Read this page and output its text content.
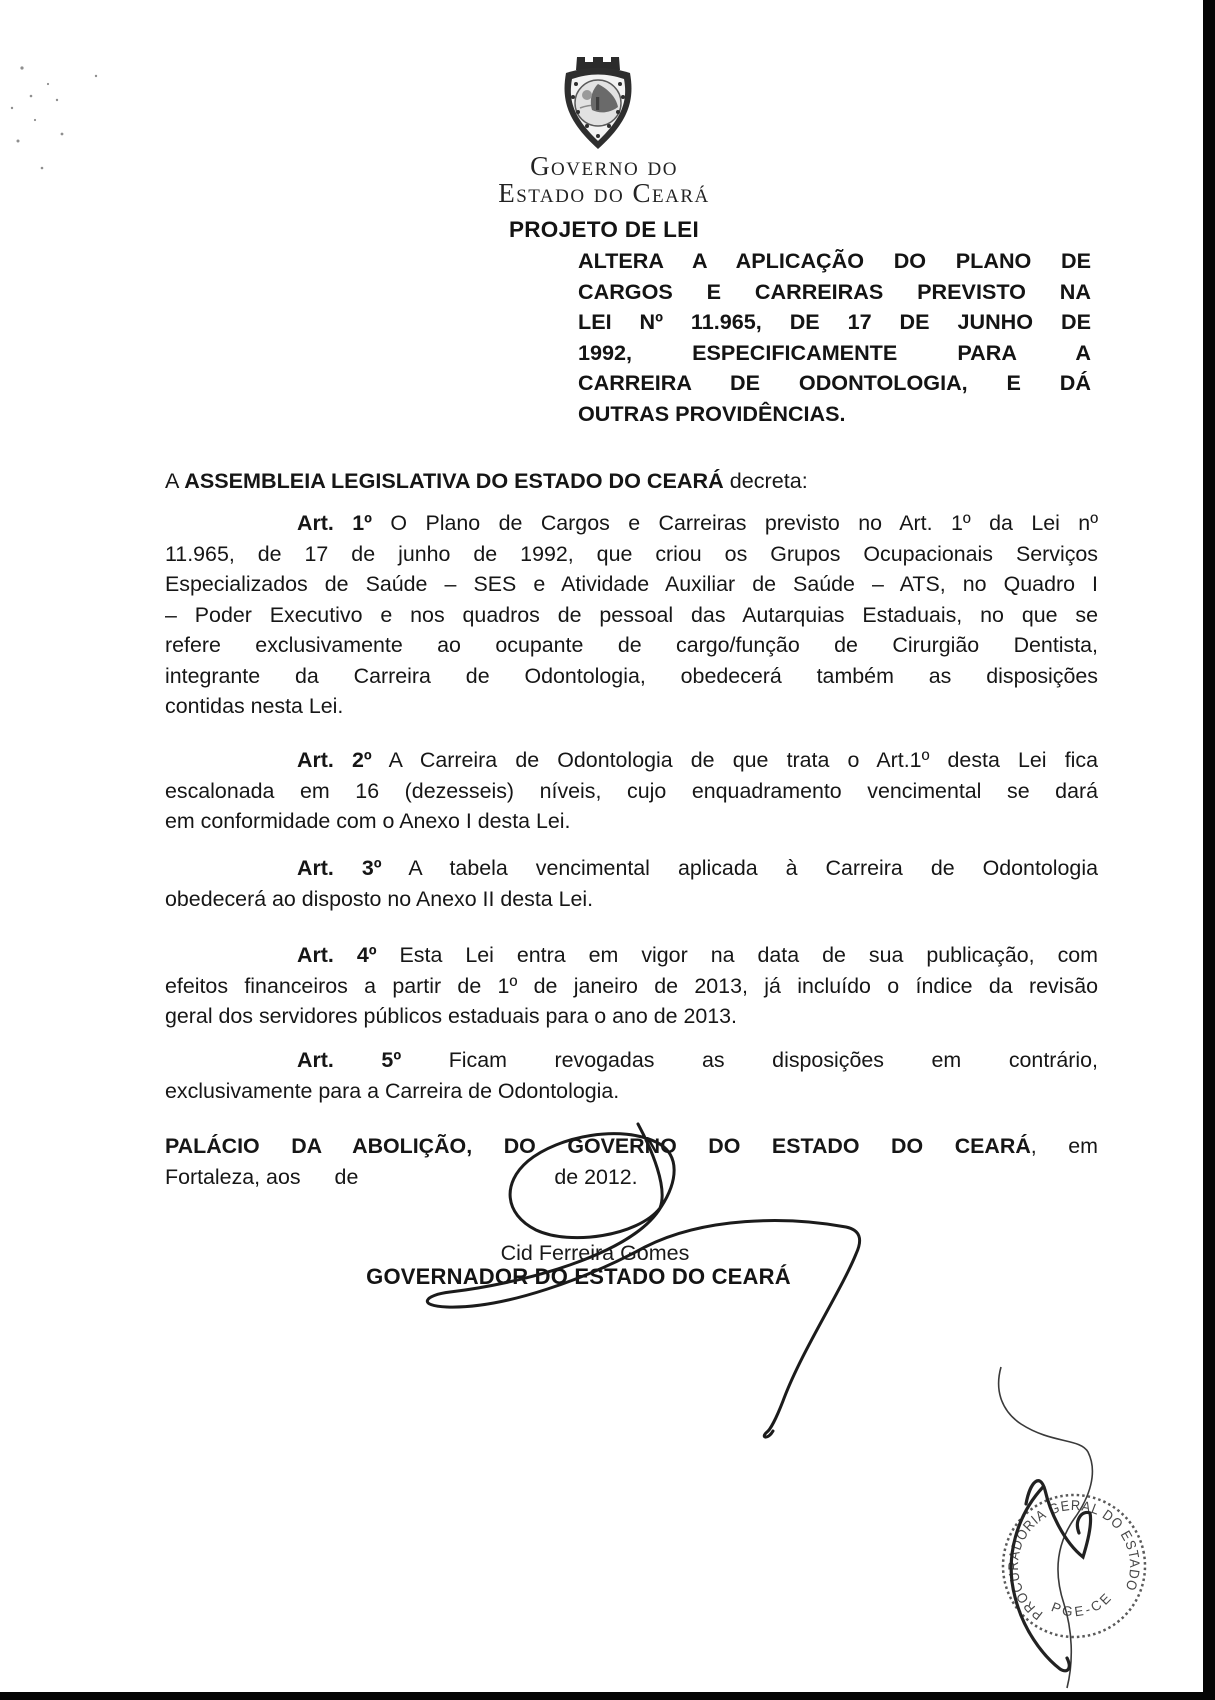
Governo do
Estado do Ceará
PROJETO DE LEI
ALTERA A APLICAÇÃO DO PLANO DE
CARGOS E CARREIRAS PREVISTO NA
LEI Nº 11.965, DE 17 DE JUNHO DE
1992, ESPECIFICAMENTE PARA A
CARREIRA DE ODONTOLOGIA, E DÁ
OUTRAS PROVIDÊNCIAS.
A ASSEMBLEIA LEGISLATIVA DO ESTADO DO CEARÁ decreta:
Art. 1º O Plano de Cargos e Carreiras previsto no Art. 1º da Lei nº
11.965, de 17 de junho de 1992, que criou os Grupos Ocupacionais Serviços
Especializados de Saúde – SES e Atividade Auxiliar de Saúde – ATS, no Quadro I
– Poder Executivo e nos quadros de pessoal das Autarquias Estaduais, no que se
refere exclusivamente ao ocupante de cargo/função de Cirurgião Dentista,
integrante da Carreira de Odontologia, obedecerá também as disposições
contidas nesta Lei.
Art. 2º A Carreira de Odontologia de que trata o Art.1º desta Lei fica
escalonada em 16 (dezesseis) níveis, cujo enquadramento vencimental se dará
em conformidade com o Anexo I desta Lei.
Art. 3º A tabela vencimental aplicada à Carreira de Odontologia
obedecerá ao disposto no Anexo II desta Lei.
Art. 4º Esta Lei entra em vigor na data de sua publicação, com
efeitos financeiros a partir de 1º de janeiro de 2013, já incluído o índice da revisão
geral dos servidores públicos estaduais para o ano de 2013.
Art. 5º Ficam revogadas as disposições em contrário,
exclusivamente para a Carreira de Odontologia.
PALÁCIO DA ABOLIÇÃO, DO GOVERNO DO ESTADO DO CEARÁ, em
Fortaleza, aos de	de 2012.
Cid Ferreira Gomes
GOVERNADOR DO ESTADO DO CEARÁ
PROCURADORIA GERAL DO ESTADO
PGE-CE
